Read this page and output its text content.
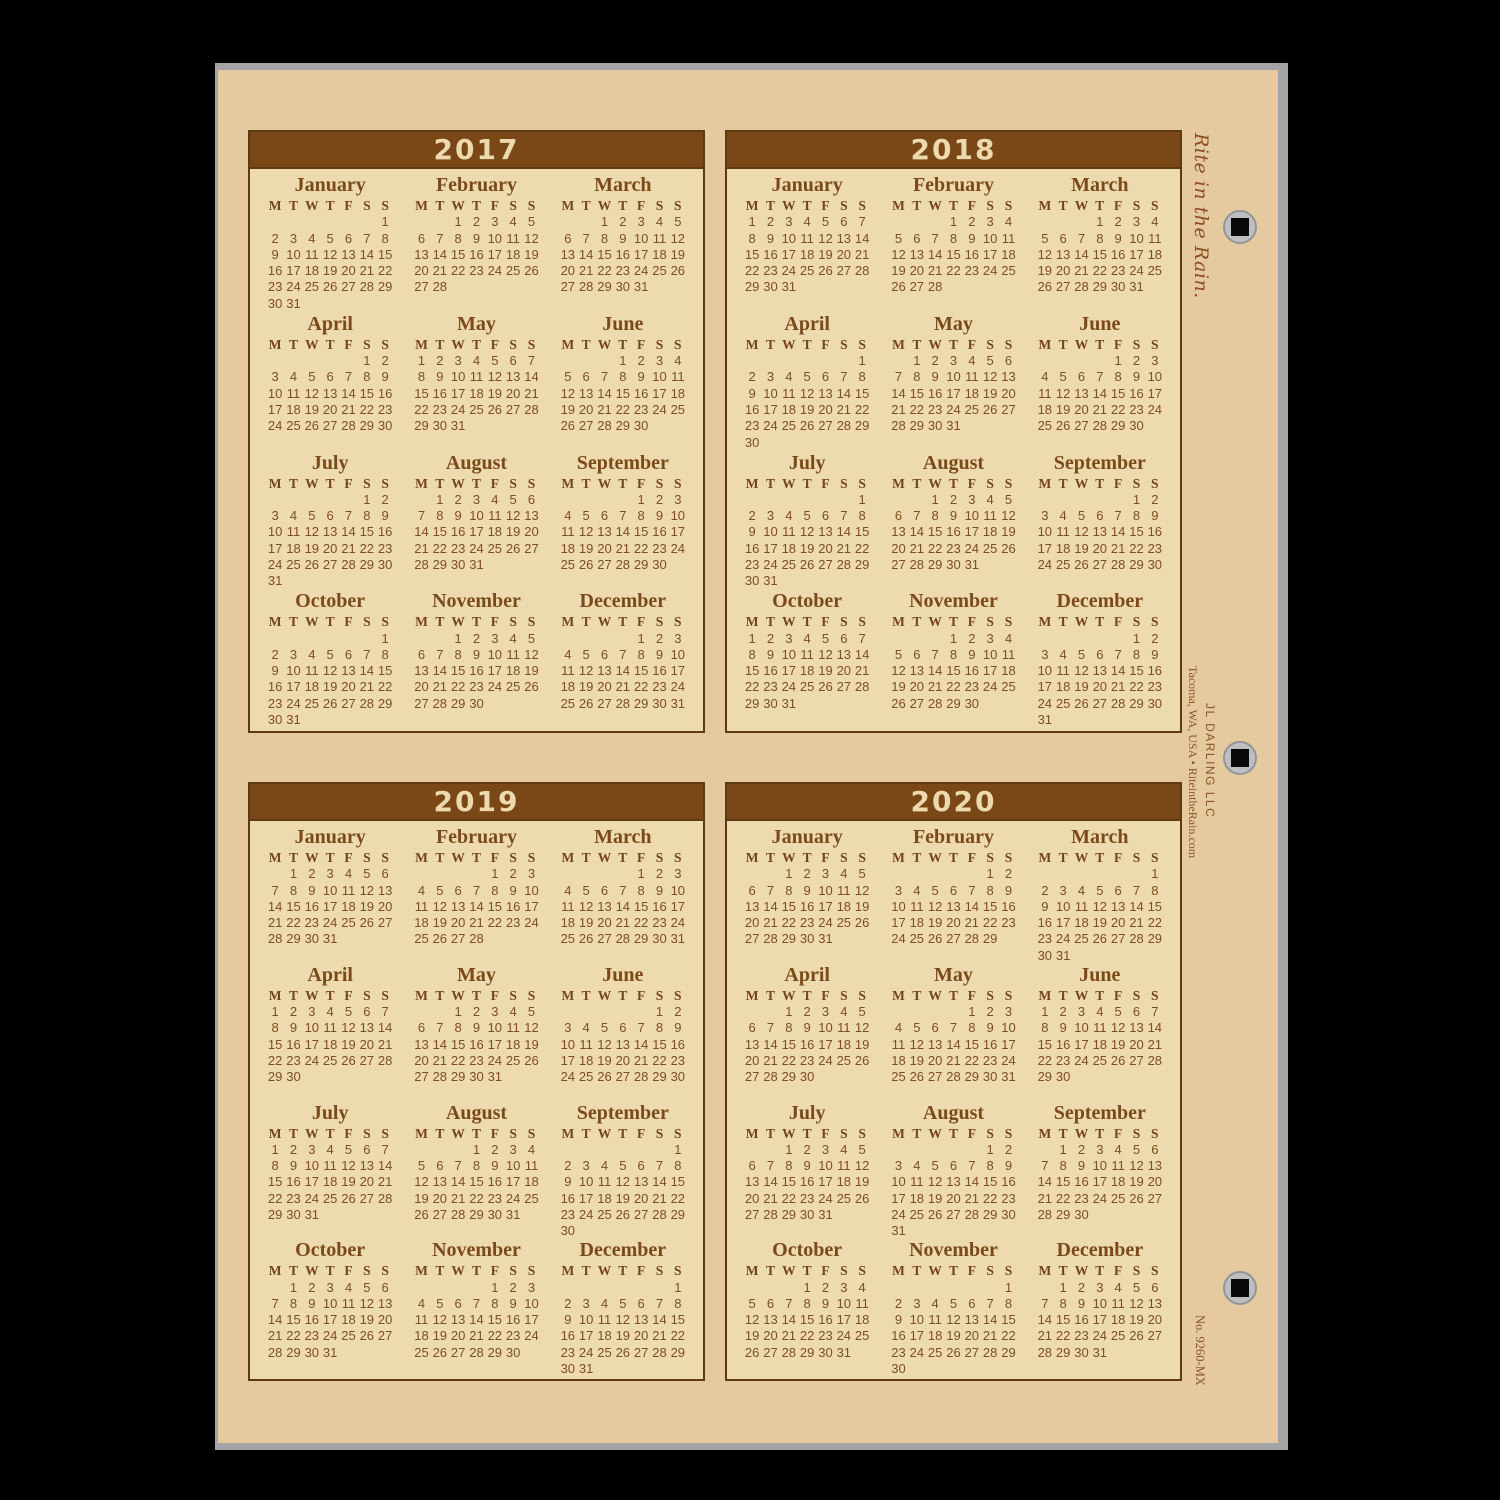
2017
January
M T W T F S S
1
2 3 4 5 6 7 8
9 10 11 12 13 14 15
16 17 18 19 20 21 22
23 24 25 26 27 28 29
30 31
February
M T W T F S S
1 2 3 4 5
6 7 8 9 10 11 12
13 14 15 16 17 18 19
20 21 22 23 24 25 26
27 28
March
M T W T F S S
1 2 3 4 5
6 7 8 9 10 11 12
13 14 15 16 17 18 19
20 21 22 23 24 25 26
27 28 29 30 31
April
M T W T F S S
1 2
3 4 5 6 7 8 9
10 11 12 13 14 15 16
17 18 19 20 21 22 23
24 25 26 27 28 29 30
May
M T W T F S S
1 2 3 4 5 6 7
8 9 10 11 12 13 14
15 16 17 18 19 20 21
22 23 24 25 26 27 28
29 30 31
June
M T W T F S S
1 2 3 4
5 6 7 8 9 10 11
12 13 14 15 16 17 18
19 20 21 22 23 24 25
26 27 28 29 30
July
M T W T F S S
1 2
3 4 5 6 7 8 9
10 11 12 13 14 15 16
17 18 19 20 21 22 23
24 25 26 27 28 29 30
31
August
M T W T F S S
1 2 3 4 5 6
7 8 9 10 11 12 13
14 15 16 17 18 19 20
21 22 23 24 25 26 27
28 29 30 31
September
M T W T F S S
1 2 3
4 5 6 7 8 9 10
11 12 13 14 15 16 17
18 19 20 21 22 23 24
25 26 27 28 29 30
October
M T W T F S S
1
2 3 4 5 6 7 8
9 10 11 12 13 14 15
16 17 18 19 20 21 22
23 24 25 26 27 28 29
30 31
November
M T W T F S S
1 2 3 4 5
6 7 8 9 10 11 12
13 14 15 16 17 18 19
20 21 22 23 24 25 26
27 28 29 30
December
M T W T F S S
1 2 3
4 5 6 7 8 9 10
11 12 13 14 15 16 17
18 19 20 21 22 23 24
25 26 27 28 29 30 31
2018
January
M T W T F S S
1 2 3 4 5 6 7
8 9 10 11 12 13 14
15 16 17 18 19 20 21
22 23 24 25 26 27 28
29 30 31
February
M T W T F S S
1 2 3 4
5 6 7 8 9 10 11
12 13 14 15 16 17 18
19 20 21 22 23 24 25
26 27 28
March
M T W T F S S
1 2 3 4
5 6 7 8 9 10 11
12 13 14 15 16 17 18
19 20 21 22 23 24 25
26 27 28 29 30 31
April
M T W T F S S
1
2 3 4 5 6 7 8
9 10 11 12 13 14 15
16 17 18 19 20 21 22
23 24 25 26 27 28 29
30
May
M T W T F S S
1 2 3 4 5 6
7 8 9 10 11 12 13
14 15 16 17 18 19 20
21 22 23 24 25 26 27
28 29 30 31
June
M T W T F S S
1 2 3
4 5 6 7 8 9 10
11 12 13 14 15 16 17
18 19 20 21 22 23 24
25 26 27 28 29 30
July
M T W T F S S
1
2 3 4 5 6 7 8
9 10 11 12 13 14 15
16 17 18 19 20 21 22
23 24 25 26 27 28 29
30 31
August
M T W T F S S
1 2 3 4 5
6 7 8 9 10 11 12
13 14 15 16 17 18 19
20 21 22 23 24 25 26
27 28 29 30 31
September
M T W T F S S
1 2
3 4 5 6 7 8 9
10 11 12 13 14 15 16
17 18 19 20 21 22 23
24 25 26 27 28 29 30
October
M T W T F S S
1 2 3 4 5 6 7
8 9 10 11 12 13 14
15 16 17 18 19 20 21
22 23 24 25 26 27 28
29 30 31
November
M T W T F S S
1 2 3 4
5 6 7 8 9 10 11
12 13 14 15 16 17 18
19 20 21 22 23 24 25
26 27 28 29 30
December
M T W T F S S
1 2
3 4 5 6 7 8 9
10 11 12 13 14 15 16
17 18 19 20 21 22 23
24 25 26 27 28 29 30
31
2019
January
M T W T F S S
1 2 3 4 5 6
7 8 9 10 11 12 13
14 15 16 17 18 19 20
21 22 23 24 25 26 27
28 29 30 31
February
M T W T F S S
1 2 3
4 5 6 7 8 9 10
11 12 13 14 15 16 17
18 19 20 21 22 23 24
25 26 27 28
March
M T W T F S S
1 2 3
4 5 6 7 8 9 10
11 12 13 14 15 16 17
18 19 20 21 22 23 24
25 26 27 28 29 30 31
April
M T W T F S S
1 2 3 4 5 6 7
8 9 10 11 12 13 14
15 16 17 18 19 20 21
22 23 24 25 26 27 28
29 30
May
M T W T F S S
1 2 3 4 5
6 7 8 9 10 11 12
13 14 15 16 17 18 19
20 21 22 23 24 25 26
27 28 29 30 31
June
M T W T F S S
1 2
3 4 5 6 7 8 9
10 11 12 13 14 15 16
17 18 19 20 21 22 23
24 25 26 27 28 29 30
July
M T W T F S S
1 2 3 4 5 6 7
8 9 10 11 12 13 14
15 16 17 18 19 20 21
22 23 24 25 26 27 28
29 30 31
August
M T W T F S S
1 2 3 4
5 6 7 8 9 10 11
12 13 14 15 16 17 18
19 20 21 22 23 24 25
26 27 28 29 30 31
September
M T W T F S S
1
2 3 4 5 6 7 8
9 10 11 12 13 14 15
16 17 18 19 20 21 22
23 24 25 26 27 28 29
30
October
M T W T F S S
1 2 3 4 5 6
7 8 9 10 11 12 13
14 15 16 17 18 19 20
21 22 23 24 25 26 27
28 29 30 31
November
M T W T F S S
1 2 3
4 5 6 7 8 9 10
11 12 13 14 15 16 17
18 19 20 21 22 23 24
25 26 27 28 29 30
December
M T W T F S S
1
2 3 4 5 6 7 8
9 10 11 12 13 14 15
16 17 18 19 20 21 22
23 24 25 26 27 28 29
30 31
2020
January
M T W T F S S
1 2 3 4 5
6 7 8 9 10 11 12
13 14 15 16 17 18 19
20 21 22 23 24 25 26
27 28 29 30 31
February
M T W T F S S
1 2
3 4 5 6 7 8 9
10 11 12 13 14 15 16
17 18 19 20 21 22 23
24 25 26 27 28 29
March
M T W T F S S
1
2 3 4 5 6 7 8
9 10 11 12 13 14 15
16 17 18 19 20 21 22
23 24 25 26 27 28 29
30 31
April
M T W T F S S
1 2 3 4 5
6 7 8 9 10 11 12
13 14 15 16 17 18 19
20 21 22 23 24 25 26
27 28 29 30
May
M T W T F S S
1 2 3
4 5 6 7 8 9 10
11 12 13 14 15 16 17
18 19 20 21 22 23 24
25 26 27 28 29 30 31
June
M T W T F S S
1 2 3 4 5 6 7
8 9 10 11 12 13 14
15 16 17 18 19 20 21
22 23 24 25 26 27 28
29 30
July
M T W T F S S
1 2 3 4 5
6 7 8 9 10 11 12
13 14 15 16 17 18 19
20 21 22 23 24 25 26
27 28 29 30 31
August
M T W T F S S
1 2
3 4 5 6 7 8 9
10 11 12 13 14 15 16
17 18 19 20 21 22 23
24 25 26 27 28 29 30
31
September
M T W T F S S
1 2 3 4 5 6
7 8 9 10 11 12 13
14 15 16 17 18 19 20
21 22 23 24 25 26 27
28 29 30
October
M T W T F S S
1 2 3 4
5 6 7 8 9 10 11
12 13 14 15 16 17 18
19 20 21 22 23 24 25
26 27 28 29 30 31
November
M T W T F S S
1
2 3 4 5 6 7 8
9 10 11 12 13 14 15
16 17 18 19 20 21 22
23 24 25 26 27 28 29
30
December
M T W T F S S
1 2 3 4 5 6
7 8 9 10 11 12 13
14 15 16 17 18 19 20
21 22 23 24 25 26 27
28 29 30 31
Rite in the Rain.
JL DARLING LLC
Tacoma, WA, USA • RiteintheRain.com
No. 9260-MX
